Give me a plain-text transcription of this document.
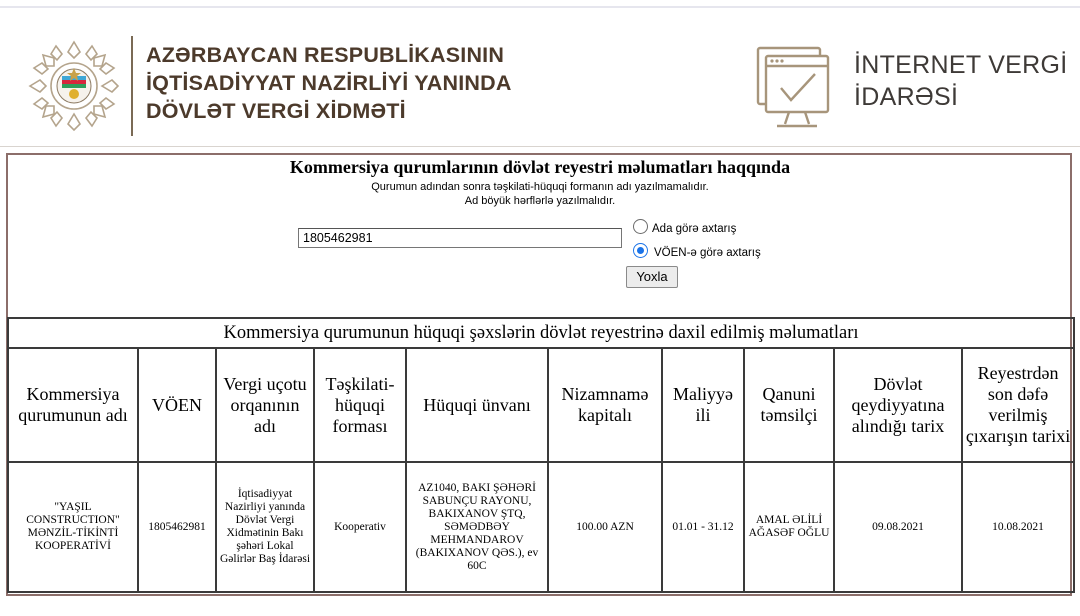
AZƏRBAYCAN RESPUBLİKASININ
İQTİSADİYYAT NAZİRLİYİ YANINDA
DÖVLƏT VERGİ XİDMƏTİ
İNTERNET VERGİ
İDARƏSİ
Kommersiya qurumlarının dövlət reyestri məlumatları haqqında
Qurumun adından sonra təşkilati-hüquqi formanın adı yazılmamalıdır.
Ad böyük hərflərlə yazılmalıdır.
1805462981
Ada görə axtarış
VÖEN-ə görə axtarış
Yoxla
Kommersiya qurumunun hüquqi şəxslərin dövlət reyestrinə daxil edilmiş məlumatları									
Kommersiya qurumunun adı	VÖEN	Vergi uçotu orqanının adı	Təşkilati-hüquqi forması	Hüquqi ünvanı	Nizamnamə kapitalı	Maliyyə ili	Qanuni təmsilçi	Dövlət qeydiyyatına alındığı tarix	Reyestrdən son dəfə verilmiş çıxarışın tarixi
"YAŞIL CONSTRUCTION" MƏNZİL-TİKİNTİ KOOPERATİVİ	1805462981	İqtisadiyyat Nazirliyi yanında Dövlət Vergi Xidmətinin Bakı şəhəri Lokal Gəlirlər Baş İdarəsi	Kooperativ	AZ1040, BAKI ŞƏHƏRİ SABUNÇU RAYONU, BAKIXANOV ŞTQ, SƏMƏDBƏY MEHMANDAROV (BAKIXANOV QƏS.), ev 60C	100.00 AZN	01.01 - 31.12	AMAL ƏLİLİ AĞASƏF OĞLU	09.08.2021	10.08.2021
